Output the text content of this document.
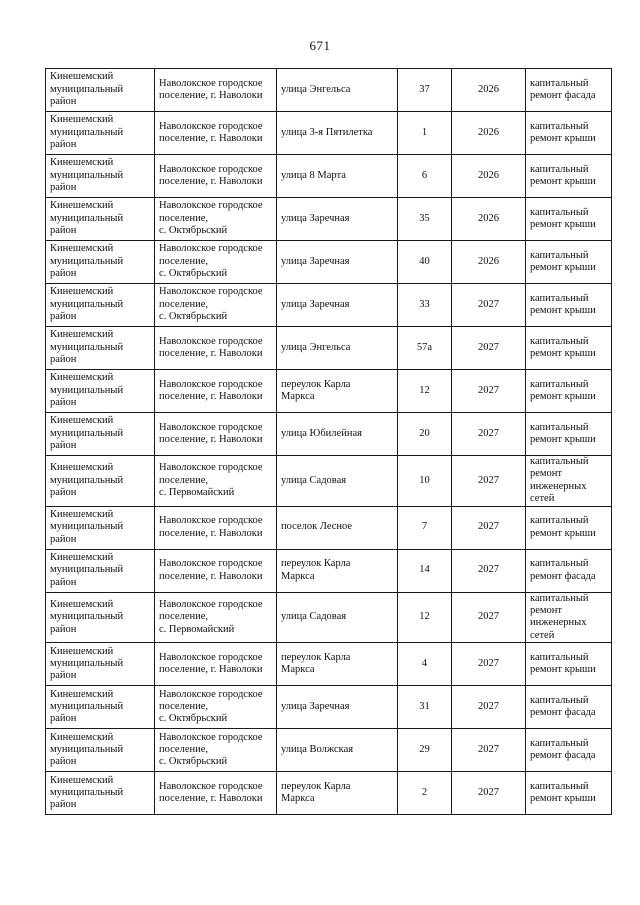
671
Кинешемский
муниципальный
район	Наволокское городское
поселение, г. Наволоки	улица Энгельса	37	2026	капитальный
ремонт фасада

Кинешемский
муниципальный
район	Наволокское городское
поселение, г. Наволоки	улица 3-я Пятилетка	1	2026	капитальный
ремонт крыши

Кинешемский
муниципальный
район	Наволокское городское
поселение, г. Наволоки	улица 8 Марта	6	2026	капитальный
ремонт крыши

Кинешемский
муниципальный
район	Наволокское городское
поселение,
с. Октябрьский	улица Заречная	35	2026	капитальный
ремонт крыши

Кинешемский
муниципальный
район	Наволокское городское
поселение,
с. Октябрьский	улица Заречная	40	2026	капитальный
ремонт крыши

Кинешемский
муниципальный
район	Наволокское городское
поселение,
с. Октябрьский	улица Заречная	33	2027	капитальный
ремонт крыши

Кинешемский
муниципальный
район	Наволокское городское
поселение, г. Наволоки	улица Энгельса	57а	2027	капитальный
ремонт крыши

Кинешемский
муниципальный
район	Наволокское городское
поселение, г. Наволоки	переулок Карла
Маркса	12	2027	капитальный
ремонт крыши

Кинешемский
муниципальный
район	Наволокское городское
поселение, г. Наволоки	улица Юбилейная	20	2027	капитальный
ремонт крыши

Кинешемский
муниципальный
район	Наволокское городское
поселение,
с. Первомайский	улица Садовая	10	2027	капитальный
ремонт
инженерных
сетей

Кинешемский
муниципальный
район	Наволокское городское
поселение, г. Наволоки	поселок Лесное	7	2027	капитальный
ремонт крыши

Кинешемский
муниципальный
район	Наволокское городское
поселение, г. Наволоки	переулок Карла
Маркса	14	2027	капитальный
ремонт фасада

Кинешемский
муниципальный
район	Наволокское городское
поселение,
с. Первомайский	улица Садовая	12	2027	капитальный
ремонт
инженерных
сетей

Кинешемский
муниципальный
район	Наволокское городское
поселение, г. Наволоки	переулок Карла
Маркса	4	2027	капитальный
ремонт крыши

Кинешемский
муниципальный
район	Наволокское городское
поселение,
с. Октябрьский	улица Заречная	31	2027	капитальный
ремонт фасада

Кинешемский
муниципальный
район	Наволокское городское
поселение,
с. Октябрьский	улица Волжская	29	2027	капитальный
ремонт фасада

Кинешемский
муниципальный
район	Наволокское городское
поселение, г. Наволоки	переулок Карла
Маркса	2	2027	капитальный
ремонт крыши
